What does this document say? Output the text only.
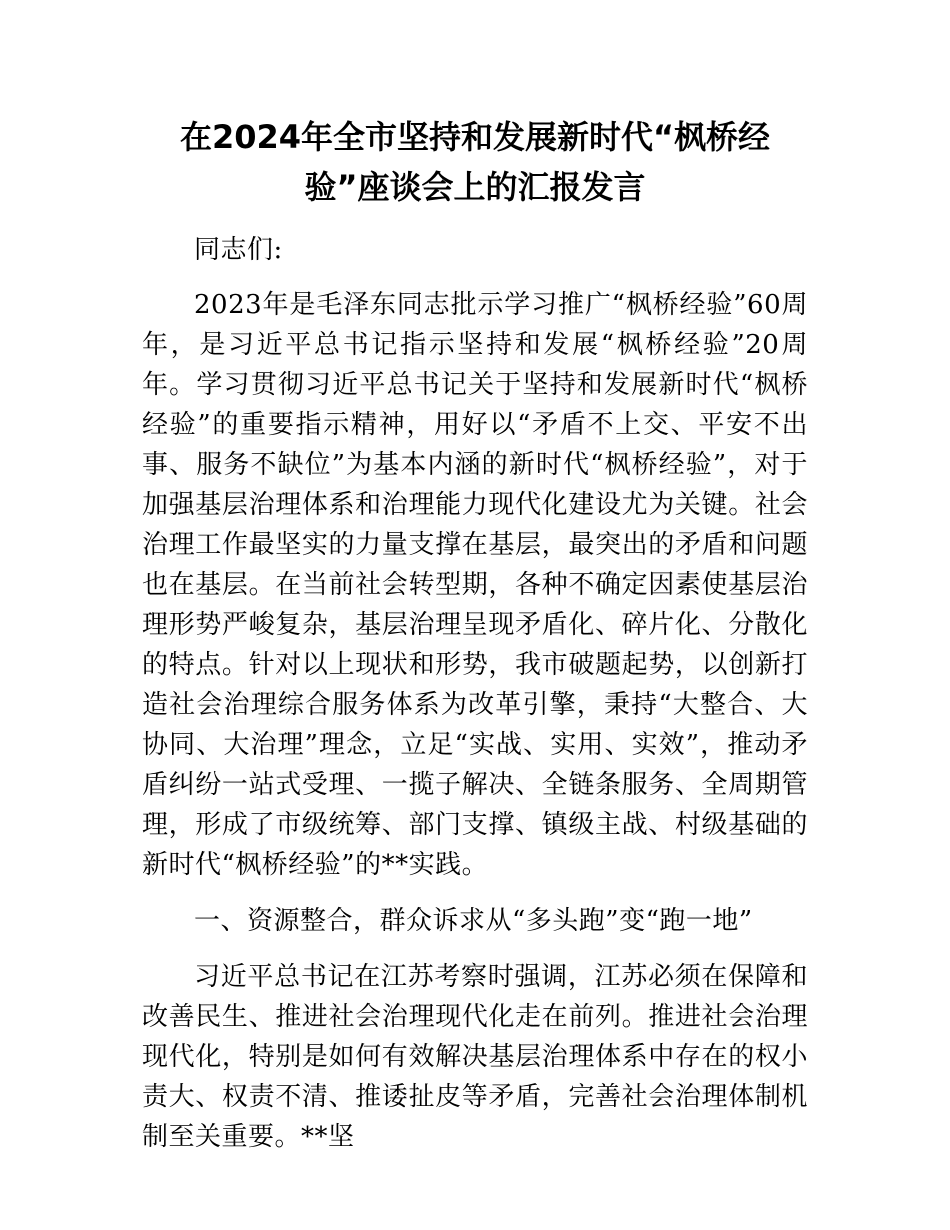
在2024年全市坚持和发展新时代“枫桥经验”座谈会上的汇报发言

同志们:

2023年是毛泽东同志批示学习推广“枫桥经验”60周年，是习近平总书记指示坚持和发展“枫桥经验”20周年。学习贯彻习近平总书记关于坚持和发展新时代“枫桥经验”的重要指示精神，用好以“矛盾不上交、平安不出事、服务不缺位”为基本内涵的新时代“枫桥经验”，对于加强基层治理体系和治理能力现代化建设尤为关键。社会治理工作最坚实的力量支撑在基层，最突出的矛盾和问题也在基层。在当前社会转型期，各种不确定因素使基层治理形势严峻复杂，基层治理呈现矛盾化、碎片化、分散化的特点。针对以上现状和形势，我市破题起势，以创新打造社会治理综合服务体系为改革引擎，秉持“大整合、大协同、大治理”理念，立足“实战、实用、实效”，推动矛盾纠纷一站式受理、一揽子解决、全链条服务、全周期管理，形成了市级统筹、部门支撑、镇级主战、村级基础的新时代“枫桥经验”的**实践。

一、资源整合，群众诉求从“多头跑”变“跑一地”

习近平总书记在江苏考察时强调，江苏必须在保障和改善民生、推进社会治理现代化走在前列。推进社会治理现代化，特别是如何有效解决基层治理体系中存在的权小责大、权责不清、推诿扯皮等矛盾，完善社会治理体制机制至关重要。**坚
